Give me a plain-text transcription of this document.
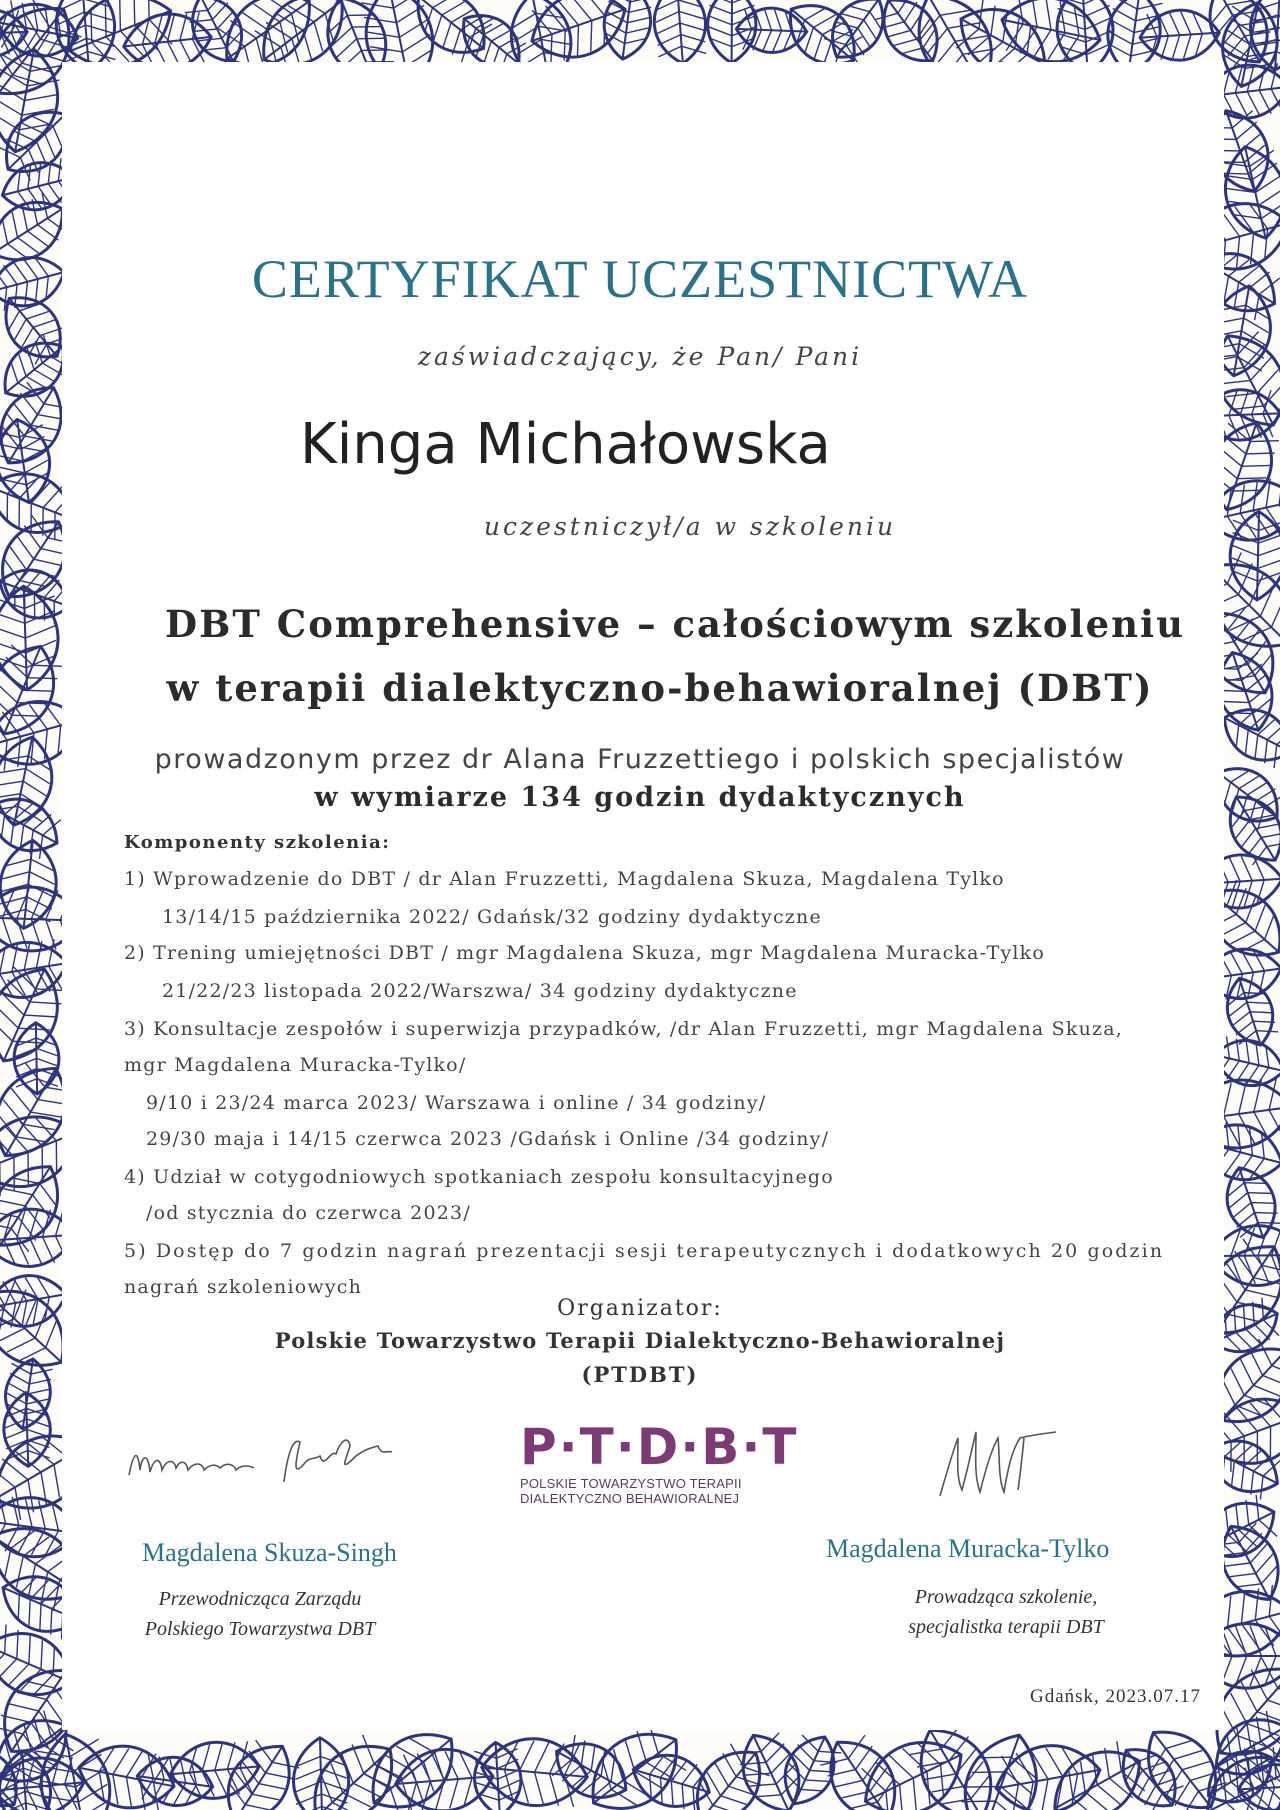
CERTYFIKAT UCZESTNICTWA
zaświadczający, że Pan/ Pani
Kinga Michałowska
uczestniczył/a w szkoleniu
DBT Comprehensive – całościowym szkoleniu
w terapii dialektyczno-behawioralnej (DBT)
prowadzonym przez dr Alana Fruzzettiego i polskich specjalistów
w wymiarze 134 godzin dydaktycznych
Komponenty szkolenia:
1) Wprowadzenie do DBT / dr Alan Fruzzetti, Magdalena Skuza, Magdalena Tylko
13/14/15 października 2022/ Gdańsk/32 godziny dydaktyczne
2) Trening umiejętności DBT / mgr Magdalena Skuza, mgr Magdalena Muracka-Tylko
21/22/23 listopada 2022/Warszwa/ 34 godziny dydaktyczne
3) Konsultacje zespołów i superwizja przypadków, /dr Alan Fruzzetti, mgr Magdalena Skuza,
mgr Magdalena Muracka-Tylko/
9/10 i 23/24 marca 2023/ Warszawa i online / 34 godziny/
29/30 maja i 14/15 czerwca 2023 /Gdańsk i Online /34 godziny/
4) Udział w cotygodniowych spotkaniach zespołu konsultacyjnego
/od stycznia do czerwca 2023/
5) Dostęp do 7 godzin nagrań prezentacji sesji terapeutycznych i dodatkowych 20 godzin
nagrań szkoleniowych
Organizator:
Polskie Towarzystwo Terapii Dialektyczno-Behawioralnej
(PTDBT)
P·T·D·B·T
POLSKIE TOWARZYSTWO TERAPII
DIALEKTYCZNO BEHAWIORALNEJ
Magdalena Skuza-Singh
Przewodnicząca Zarządu
Polskiego Towarzystwa DBT
Magdalena Muracka-Tylko
Prowadząca szkolenie,
specjalistka terapii DBT
Gdańsk, 2023.07.17
